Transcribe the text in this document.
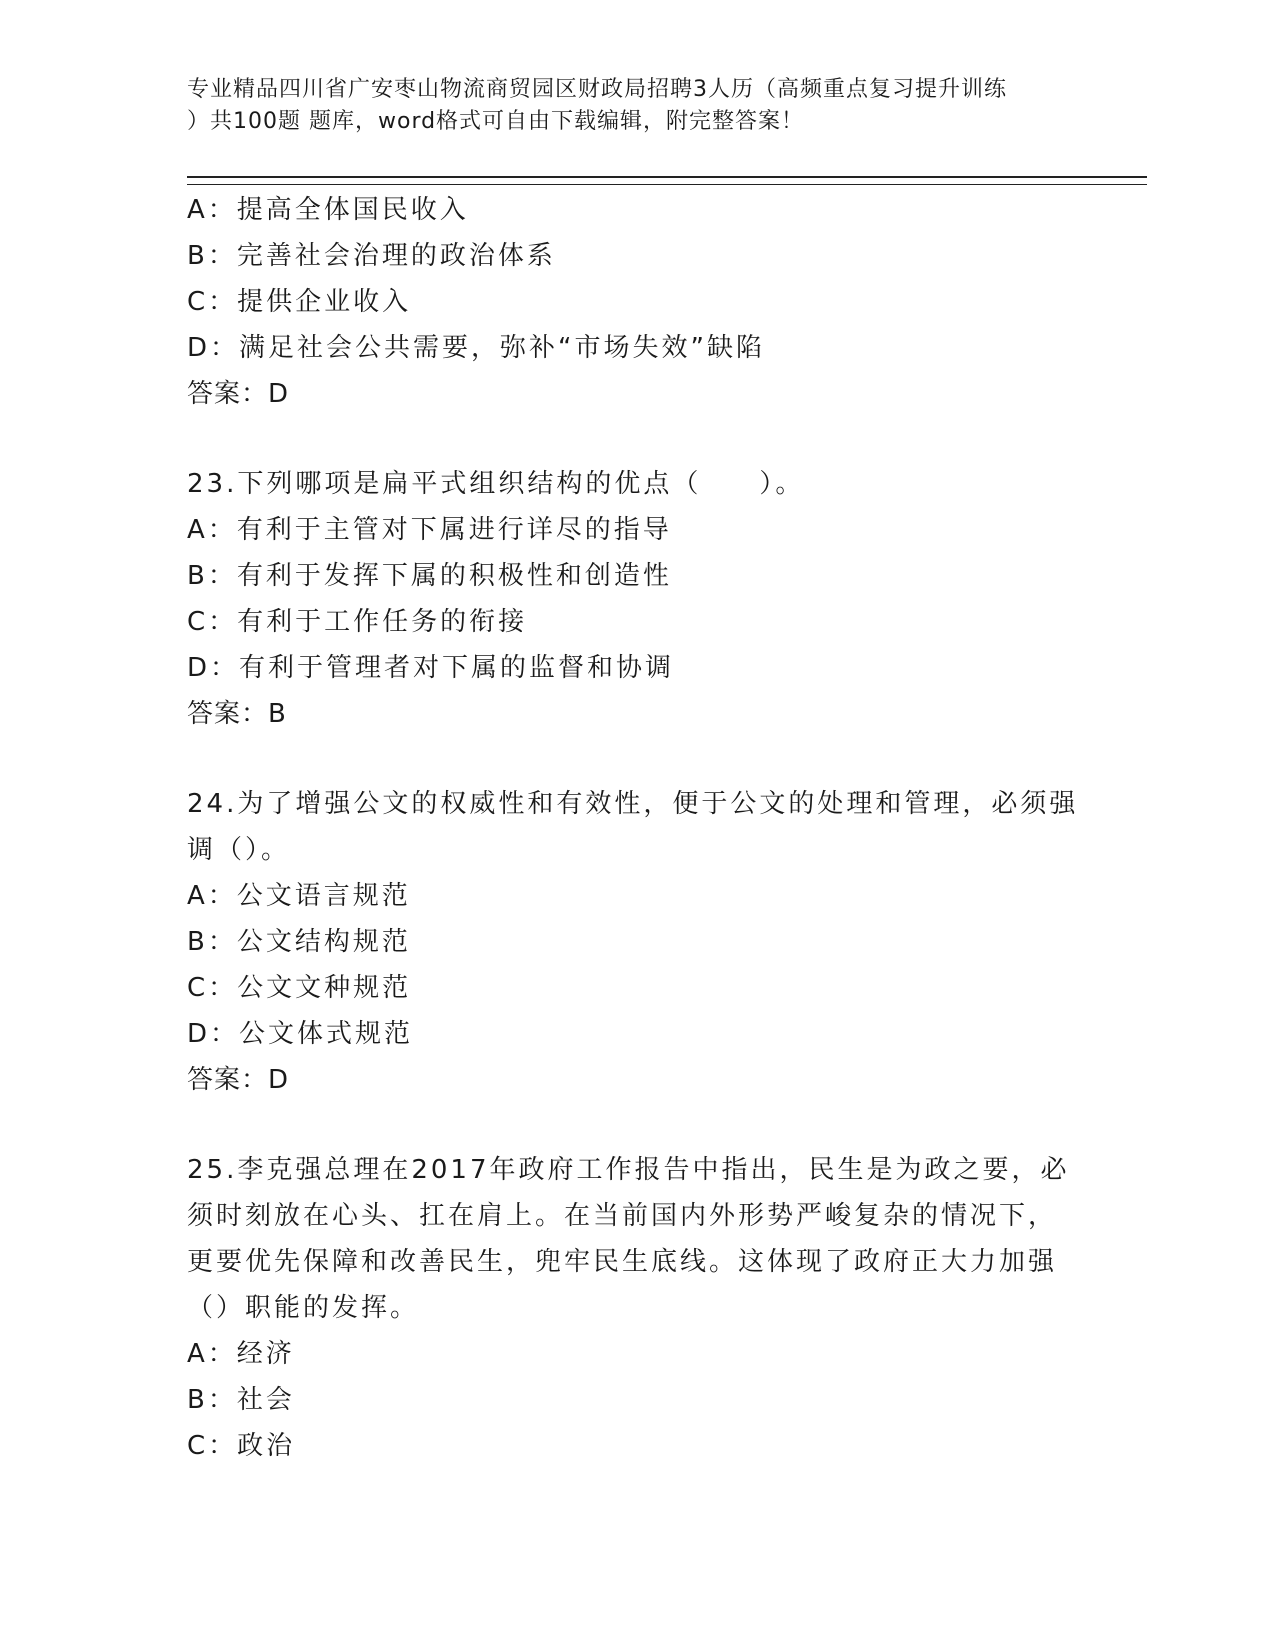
专业精品四川省广安枣山物流商贸园区财政局招聘3人历（高频重点复习提升训练
）共100题 题库，word格式可自由下载编辑，附完整答案！
A：提高全体国民收入
B：完善社会治理的政治体系
C：提供企业收入
D：满足社会公共需要，弥补“市场失效”缺陷
答案：D
23.下列哪项是扁平式组织结构的优点（　　）。
A：有利于主管对下属进行详尽的指导
B：有利于发挥下属的积极性和创造性
C：有利于工作任务的衔接
D：有利于管理者对下属的监督和协调
答案：B
24.为了增强公文的权威性和有效性，便于公文的处理和管理，必须强
调（）。
A：公文语言规范
B：公文结构规范
C：公文文种规范
D：公文体式规范
答案：D
25.李克强总理在2017年政府工作报告中指出，民生是为政之要，必
须时刻放在心头、扛在肩上。在当前国内外形势严峻复杂的情况下，
更要优先保障和改善民生，兜牢民生底线。这体现了政府正大力加强
（）职能的发挥。
A：经济
B：社会
C：政治
